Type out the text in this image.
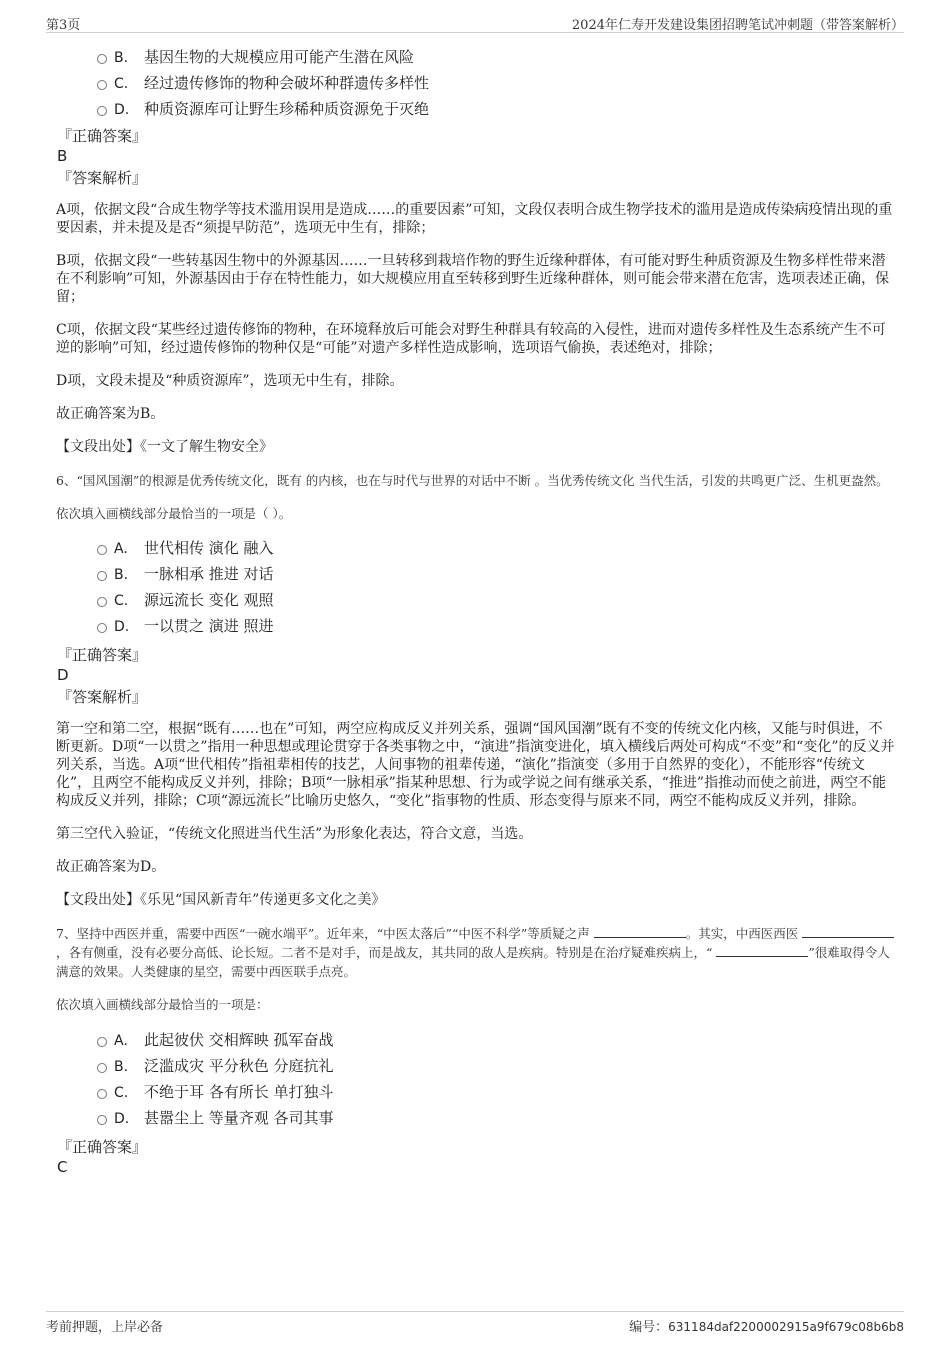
第3页	2024年仁寿开发建设集团招聘笔试冲刺题（带答案解析）
B. 基因生物的大规模应用可能产生潜在风险
C. 经过遗传修饰的物种会破坏种群遗传多样性
D. 种质资源库可让野生珍稀种质资源免于灭绝
『正确答案』
B
『答案解析』

A项，依据文段“合成生物学等技术滥用误用是造成……的重要因素”可知，文段仅表明合成生物学技术的滥用是造成传染病疫情出现的重要因素，并未提及是否“须提早防范”，选项无中生有，排除；

B项，依据文段“一些转基因生物中的外源基因……一旦转移到栽培作物的野生近缘种群体，有可能对野生种质资源及生物多样性带来潜在不利影响”可知，外源基因由于存在特性能力，如大规模应用直至转移到野生近缘种群体，则可能会带来潜在危害，选项表述正确，保留；

C项，依据文段“某些经过遗传修饰的物种，在环境释放后可能会对野生种群具有较高的入侵性，进而对遗传多样性及生态系统产生不可逆的影响”可知，经过遗传修饰的物种仅是“可能”对遗产多样性造成影响，选项语气偷换，表述绝对，排除；

D项，文段未提及“种质资源库”，选项无中生有，排除。

故正确答案为B。

【文段出处】《一文了解生物安全》

6、“国风国潮”的根源是优秀传统文化，既有 的内核，也在与时代与世界的对话中不断 。当优秀传统文化 当代生活，引发的共鸣更广泛、生机更盎然。

依次填入画横线部分最恰当的一项是（ ）。

A. 世代相传 演化 融入
B. 一脉相承 推进 对话
C. 源远流长 变化 观照
D. 一以贯之 演进 照进
『正确答案』
D
『答案解析』

第一空和第二空，根据“既有……也在”可知，两空应构成反义并列关系，强调“国风国潮”既有不变的传统文化内核，又能与时俱进，不断更新。D项“一以贯之”指用一种思想或理论贯穿于各类事物之中，“演进”指演变进化，填入横线后两处可构成“不变”和“变化”的反义并列关系，当选。A项“世代相传”指祖辈相传的技艺，人间事物的祖辈传递，“演化”指演变（多用于自然界的变化），不能形容“传统文化”，且两空不能构成反义并列，排除；B项“一脉相承”指某种思想、行为或学说之间有继承关系，“推进”指推动而使之前进，两空不能构成反义并列，排除；C项“源远流长”比喻历史悠久，“变化”指事物的性质、形态变得与原来不同，两空不能构成反义并列，排除。

第三空代入验证，“传统文化照进当代生活”为形象化表达，符合文意，当选。

故正确答案为D。

【文段出处】《乐见“国风新青年”传递更多文化之美》

7、坚持中西医并重，需要中西医“一碗水端平”。近年来，“中医太落后”“中医不科学”等质疑之声	。其实，中西医西医 ，各有侧重，没有必要分高低、论长短。二者不是对手，而是战友，其共同的敌人是疾病。特别是在治疗疑难疾病上，“	”很难取得令人满意的效果。人类健康的星空，需要中西医联手点亮。

依次填入画横线部分最恰当的一项是：

A. 此起彼伏 交相辉映 孤军奋战
B. 泛滥成灾 平分秋色 分庭抗礼
C. 不绝于耳 各有所长 单打独斗
D. 甚嚣尘上 等量齐观 各司其事
『正确答案』
C
考前押题，上岸必备	编号：631184daf2200002915a9f679c08b6b8
